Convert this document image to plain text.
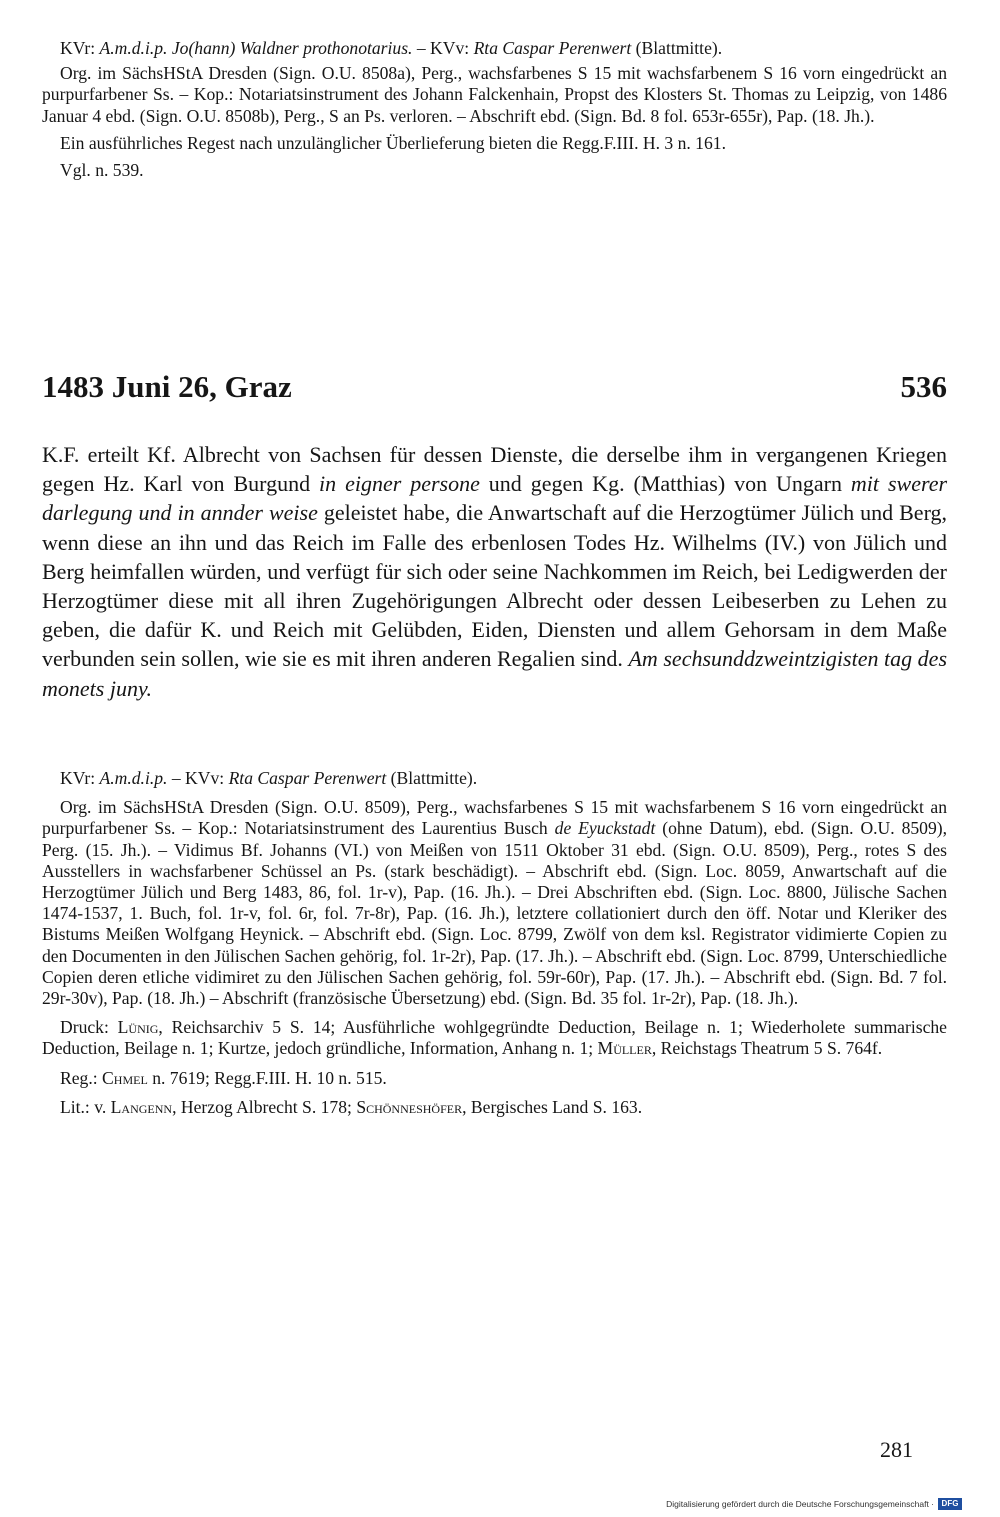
KVr: A.m.d.i.p. Jo(hann) Waldner prothonotarius. – KVv: Rta Caspar Perenwert (Blattmitte).

Org. im SächsHStA Dresden (Sign. O.U. 8508a), Perg., wachsfarbenes S 15 mit wachsfarbenem S 16 vorn eingedrückt an purpurfarbener Ss. – Kop.: Notariatsinstrument des Johann Falckenhain, Propst des Klosters St. Thomas zu Leipzig, von 1486 Januar 4 ebd. (Sign. O.U. 8508b), Perg., S an Ps. verloren. – Abschrift ebd. (Sign. Bd. 8 fol. 653r-655r), Pap. (18. Jh.).

Ein ausführliches Regest nach unzulänglicher Überlieferung bieten die Regg.F.III. H. 3 n. 161.

Vgl. n. 539.

1483 Juni 26, Graz	536

K.F. erteilt Kf. Albrecht von Sachsen für dessen Dienste, die derselbe ihm in vergangenen Kriegen gegen Hz. Karl von Burgund in eigner persone und gegen Kg. (Matthias) von Ungarn mit swerer darlegung und in annder weise geleistet habe, die Anwartschaft auf die Herzogtümer Jülich und Berg, wenn diese an ihn und das Reich im Falle des erbenlosen Todes Hz. Wilhelms (IV.) von Jülich und Berg heimfallen würden, und verfügt für sich oder seine Nachkommen im Reich, bei Ledigwerden der Herzogtümer diese mit all ihren Zugehörigungen Albrecht oder dessen Leibeserben zu Lehen zu geben, die dafür K. und Reich mit Gelübden, Eiden, Diensten und allem Gehorsam in dem Maße verbunden sein sollen, wie sie es mit ihren anderen Regalien sind. Am sechsunddzweintzigisten tag des monets juny.

KVr: A.m.d.i.p. – KVv: Rta Caspar Perenwert (Blattmitte).

Org. im SächsHStA Dresden (Sign. O.U. 8509), Perg., wachsfarbenes S 15 mit wachsfarbenem S 16 vorn eingedrückt an purpurfarbener Ss. – Kop.: Notariatsinstrument des Laurentius Busch de Eyuckstadt (ohne Datum), ebd. (Sign. O.U. 8509), Perg. (15. Jh.). – Vidimus Bf. Johanns (VI.) von Meißen von 1511 Oktober 31 ebd. (Sign. O.U. 8509), Perg., rotes S des Ausstellers in wachsfarbener Schüssel an Ps. (stark beschädigt). – Abschrift ebd. (Sign. Loc. 8059, Anwartschaft auf die Herzogtümer Jülich und Berg 1483, 86, fol. 1r-v), Pap. (16. Jh.). – Drei Abschriften ebd. (Sign. Loc. 8800, Jülische Sachen 1474-1537, 1. Buch, fol. 1r-v, fol. 6r, fol. 7r-8r), Pap. (16. Jh.), letztere collationiert durch den öff. Notar und Kleriker des Bistums Meißen Wolfgang Heynick. – Abschrift ebd. (Sign. Loc. 8799, Zwölf von dem ksl. Registrator vidimierte Copien zu den Documenten in den Jülischen Sachen gehörig, fol. 1r-2r), Pap. (17. Jh.). – Abschrift ebd. (Sign. Loc. 8799, Unterschiedliche Copien deren etliche vidimiret zu den Jülischen Sachen gehörig, fol. 59r-60r), Pap. (17. Jh.). – Abschrift ebd. (Sign. Bd. 7 fol. 29r-30v), Pap. (18. Jh.) – Abschrift (französische Übersetzung) ebd. (Sign. Bd. 35 fol. 1r-2r), Pap. (18. Jh.).

Druck: Lünig, Reichsarchiv 5 S. 14; Ausführliche wohlgegründte Deduction, Beilage n. 1; Wiederholete summarische Deduction, Beilage n. 1; Kurtze, jedoch gründliche, Information, Anhang n. 1; Müller, Reichstags Theatrum 5 S. 764f.

Reg.: Chmel n. 7619; Regg.F.III. H. 10 n. 515.

Lit.: v. Langenn, Herzog Albrecht S. 178; Schönneshöfer, Bergisches Land S. 163.

281
Digitalisierung gefördert durch die Deutsche Forschungsgemeinschaft · DFG
